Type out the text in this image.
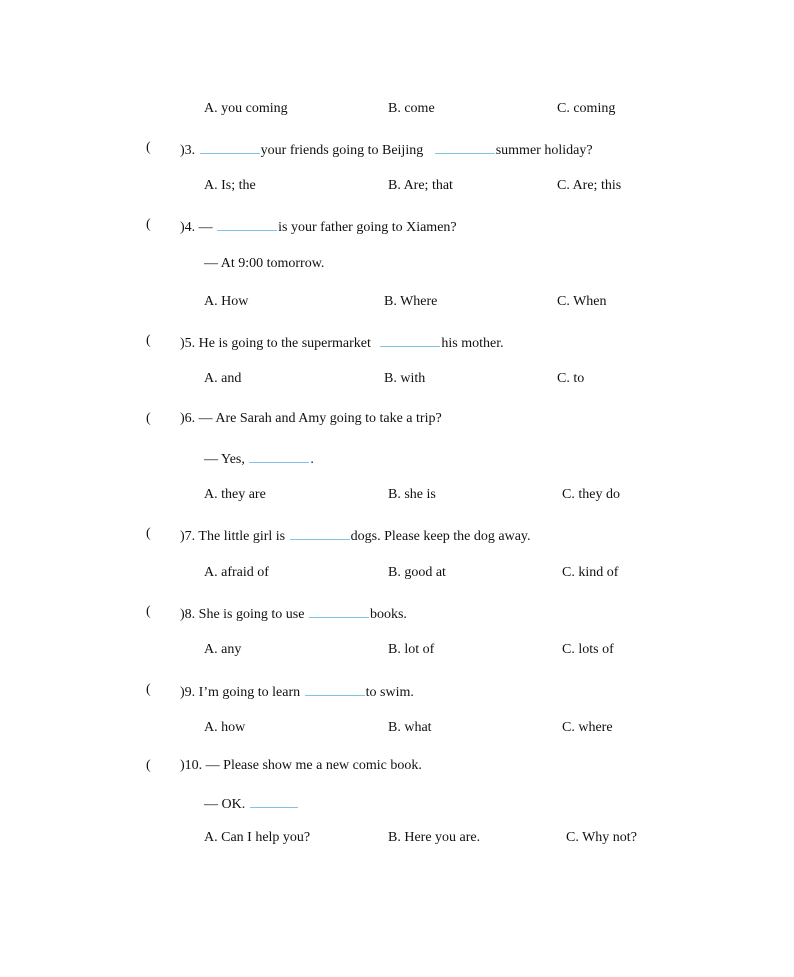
A. you coming	B. come	C. coming
(	)3.	your friends going to Beijing	summer holiday?
A. Is; the	B. Are; that	C. Are; this
(	)4. —	is your father going to Xiamen?
— At 9:00 tomorrow.
A. How	B. Where	C. When
(	)5. He is going to the supermarket	his mother.
A. and	B. with	C. to
(	)6. — Are Sarah and Amy going to take a trip?
— Yes,	.
A. they are	B. she is	C. they do
(	)7. The little girl is	dogs. Please keep the dog away.
A. afraid of	B. good at	C. kind of
(	)8. She is going to use	books.
A. any	B. lot of	C. lots of
(	)9. I’m going to learn	to swim.
A. how	B. what	C. where
(	)10. — Please show me a new comic book.
— OK.
A. Can I help you?	B. Here you are.	C. Why not?
